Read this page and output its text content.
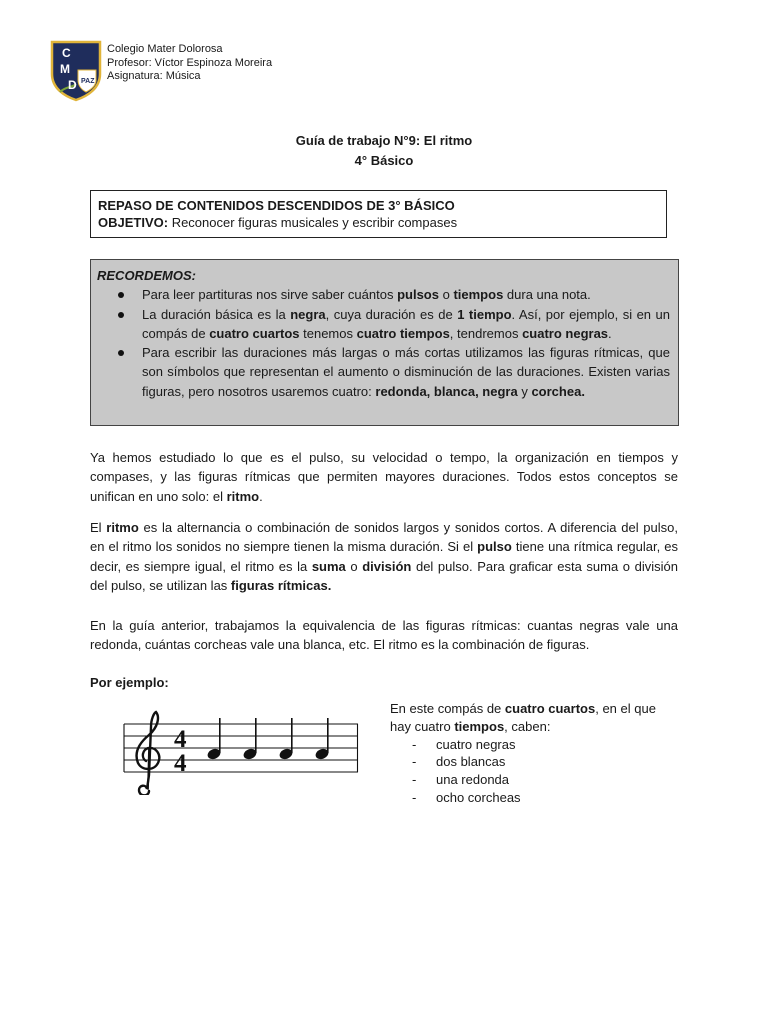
C
M
D PAZ
Colegio Mater Dolorosa
Profesor: Víctor Espinoza Moreira
Asignatura: Música
Guía de trabajo N°9: El ritmo
4° Básico
REPASO DE CONTENIDOS DESCENDIDOS DE 3° BÁSICO
OBJETIVO: Reconocer figuras musicales y escribir compases
RECORDEMOS:
Para leer partituras nos sirve saber cuántos pulsos o tiempos dura una nota.
La duración básica es la negra, cuya duración es de 1 tiempo. Así, por ejemplo, si en un compás de cuatro cuartos tenemos cuatro tiempos, tendremos cuatro negras.
Para escribir las duraciones más largas o más cortas utilizamos las figuras rítmicas, que son símbolos que representan el aumento o disminución de las duraciones. Existen varias figuras, pero nosotros usaremos cuatro: redonda, blanca, negra y corchea.
Ya hemos estudiado lo que es el pulso, su velocidad o tempo, la organización en tiempos y compases, y las figuras rítmicas que permiten mayores duraciones. Todos estos conceptos se unifican en uno solo: el ritmo.
El ritmo es la alternancia o combinación de sonidos largos y sonidos cortos. A diferencia del pulso, en el ritmo los sonidos no siempre tienen la misma duración. Si el pulso tiene una rítmica regular, es decir, es siempre igual, el ritmo es la suma o división del pulso. Para graficar esta suma o división del pulso, se utilizan las figuras rítmicas.
En la guía anterior, trabajamos la equivalencia de las figuras rítmicas: cuantas negras vale una redonda, cuántas corcheas vale una blanca, etc. El ritmo es la combinación de figuras.
Por ejemplo:
4
4
En este compás de cuatro cuartos, en el que hay cuatro tiempos, caben:
- cuatro negras
- dos blancas
- una redonda
- ocho corcheas
